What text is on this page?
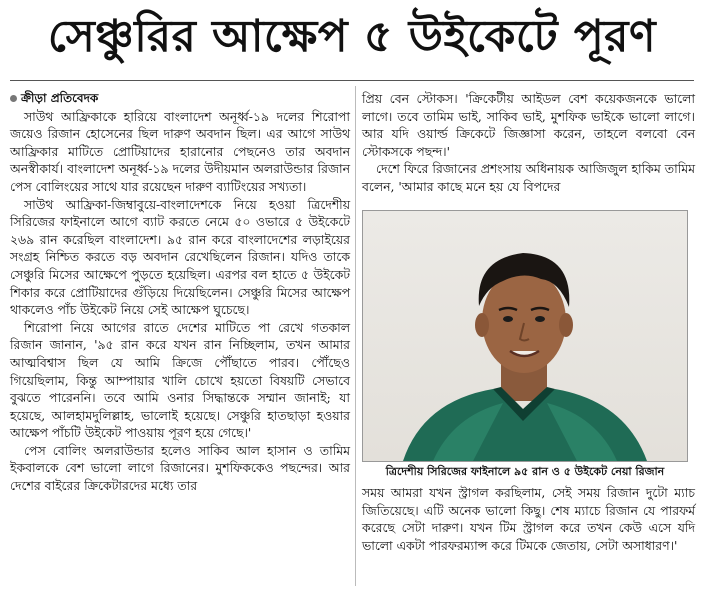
সেঞ্চুরির আক্ষেপ ৫ উইকেটে পূরণ

ক্রীড়া প্রতিবেদক

সাউথ আফ্রিকাকে হারিয়ে বাংলাদেশ অনূর্ধ্ব-১৯ দলের শিরোপা জয়েও রিজান হোসেনের ছিল দারুণ অবদান ছিল। এর আগে সাউথ আফ্রিকার মাটিতে প্রোটিয়াদের হারানোর পেছনেও তার অবদান অনস্বীকার্য। বাংলাদেশ অনূর্ধ্ব-১৯ দলের উদীয়মান অলরাউন্ডার রিজান পেস বোলিংয়ের সাথে যার রয়েছেন দারুণ ব্যাটিংয়ের সখ্যতা।

সাউথ আফ্রিকা-জিম্বাবুয়ে-বাংলাদেশকে নিয়ে হওয়া ত্রিদেশীয় সিরিজের ফাইনালে আগে ব্যাট করতে নেমে ৫০ ওভারে ৫ উইকেটে ২৬৯ রান করেছিল বাংলাদেশ। ৯৫ রান করে বাংলাদেশের লড়াইয়ের সংগ্রহ নিশ্চিত করতে বড় অবদান রেখেছিলেন রিজান। যদিও তাকে সেঞ্চুরি মিসের আক্ষেপে পুড়তে হয়েছিল। এরপর বল হাতে ৫ উইকেট শিকার করে প্রোটিয়াদের গুঁড়িয়ে দিয়েছিলেন। সেঞ্চুরি মিসের আক্ষেপ থাকলেও পাঁচ উইকেট নিয়ে সেই আক্ষেপ ঘুচেছে।

শিরোপা নিয়ে আগের রাতে দেশের মাটিতে পা রেখে গতকাল রিজান জানান, '৯৫ রান করে যখন রান নিচ্ছিলাম, তখন আমার আত্মবিশ্বাস ছিল যে আমি ক্রিজে পৌঁছাতে পারব। পৌঁছেও গিয়েছিলাম, কিন্তু আম্পায়ার খালি চোখে হয়তো বিষয়টি সেভাবে বুঝতে পারেননি। তবে আমি ওনার সিদ্ধান্তকে সম্মান জানাই; যা হয়েছে, আলহামদুলিল্লাহ, ভালোই হয়েছে। সেঞ্চুরি হাতছাড়া হওয়ার আক্ষেপ পাঁচটি উইকেট পাওয়ায় পূরণ হয়ে গেছে।'

পেস বোলিং অলরাউন্ডার হলেও সাকিব আল হাসান ও তামিম ইকবালকে বেশ ভালো লাগে রিজানের। মুশফিককেও পছন্দের। আর দেশের বাইরের ক্রিকেটারদের মধ্যে তার

প্রিয় বেন স্টোকস। 'ক্রিকেটীয় আইডল বেশ কয়েকজনকে ভালো লাগে। তবে তামিম ভাই, সাকিব ভাই, মুশফিক ভাইকে ভালো লাগে। আর যদি ওয়ার্ল্ড ক্রিকেটে জিজ্ঞাসা করেন, তাহলে বলবো বেন স্টোকসকে পছন্দ।'

দেশে ফিরে রিজানের প্রশংসায় অধিনায়ক আজিজুল হাকিম তামিম বলেন, 'আমার কাছে মনে হয় যে বিপদের

ত্রিদেশীয় সিরিজের ফাইনালে ৯৫ রান ও ৫ উইকেট নেয়া রিজান

সময় আমরা যখন স্ট্রাগল করছিলাম, সেই সময় রিজান দুটো ম্যাচ জিতিয়েছে। এটি অনেক ভালো কিছু। শেষ ম্যাচে রিজান যে পারফর্ম করেছে সেটা দারুণ। যখন টিম স্ট্রাগল করে তখন কেউ এসে যদি ভালো একটা পারফরম্যান্স করে টিমকে জেতায়, সেটা অসাধারণ।'
